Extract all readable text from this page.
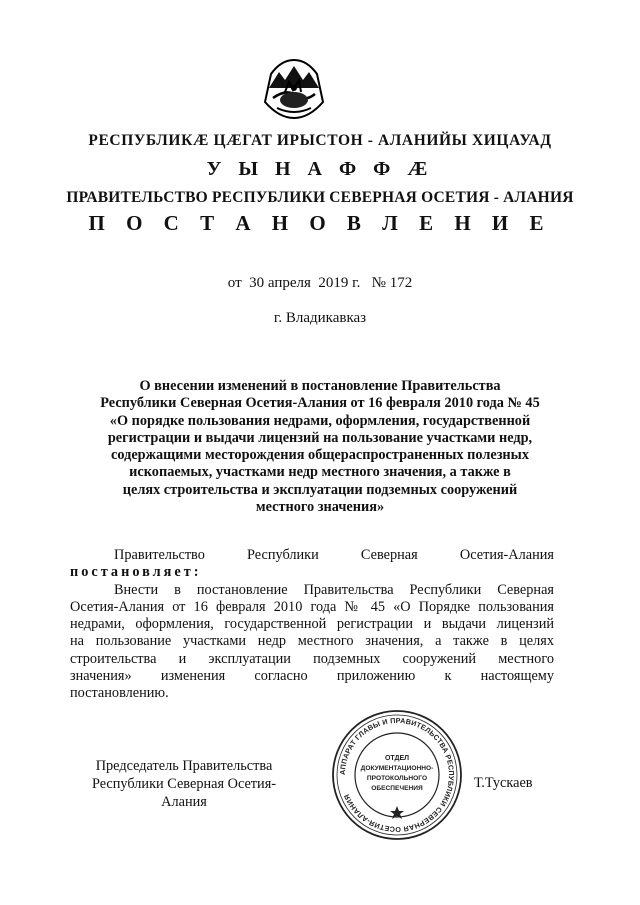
РЕСПУБЛИКÆ ЦÆГАТ ИРЫСТОН - АЛАНИЙЫ ХИЦАУАД
У Ы Н А Ф Ф Æ
ПРАВИТЕЛЬСТВО РЕСПУБЛИКИ СЕВЕРНАЯ ОСЕТИЯ - АЛАНИЯ
П О С Т А Н О В Л Е Н И Е
от  30 апреля  2019 г.   № 172
г. Владикавказ
О внесении изменений в постановление Правительства
Республики Северная Осетия-Алания от 16 февраля 2010 года № 45
«О порядке пользования недрами, оформления, государственной
регистрации и выдачи лицензий на пользование участками недр,
содержащими месторождения общераспространенных полезных
ископаемых, участками недр местного значения, а также в
целях строительства и эксплуатации подземных сооружений
местного значения»
Правительство Республики Северная Осетия-Алания
постановляет:
Внести в постановление Правительства Республики Северная
Осетия-Алания от 16 февраля 2010 года № 45 «О Порядке пользования
недрами, оформления, государственной регистрации и выдачи лицензий
на пользование участками недр местного значения, а также в целях
строительства и эксплуатации подземных сооружений местного
значения» изменения согласно приложению к настоящему
постановлению.
Председатель Правительства
Республики Северная Осетия-Алания
Т.Тускаев
АППАРАТ ГЛАВЫ И ПРАВИТЕЛЬСТВА РЕСПУБЛИКИ СЕВЕРНАЯ ОСЕТИЯ-АЛАНИЯ
ОТДЕЛ
ДОКУМЕНТАЦИОННО-
ПРОТОКОЛЬНОГО
ОБЕСПЕЧЕНИЯ
